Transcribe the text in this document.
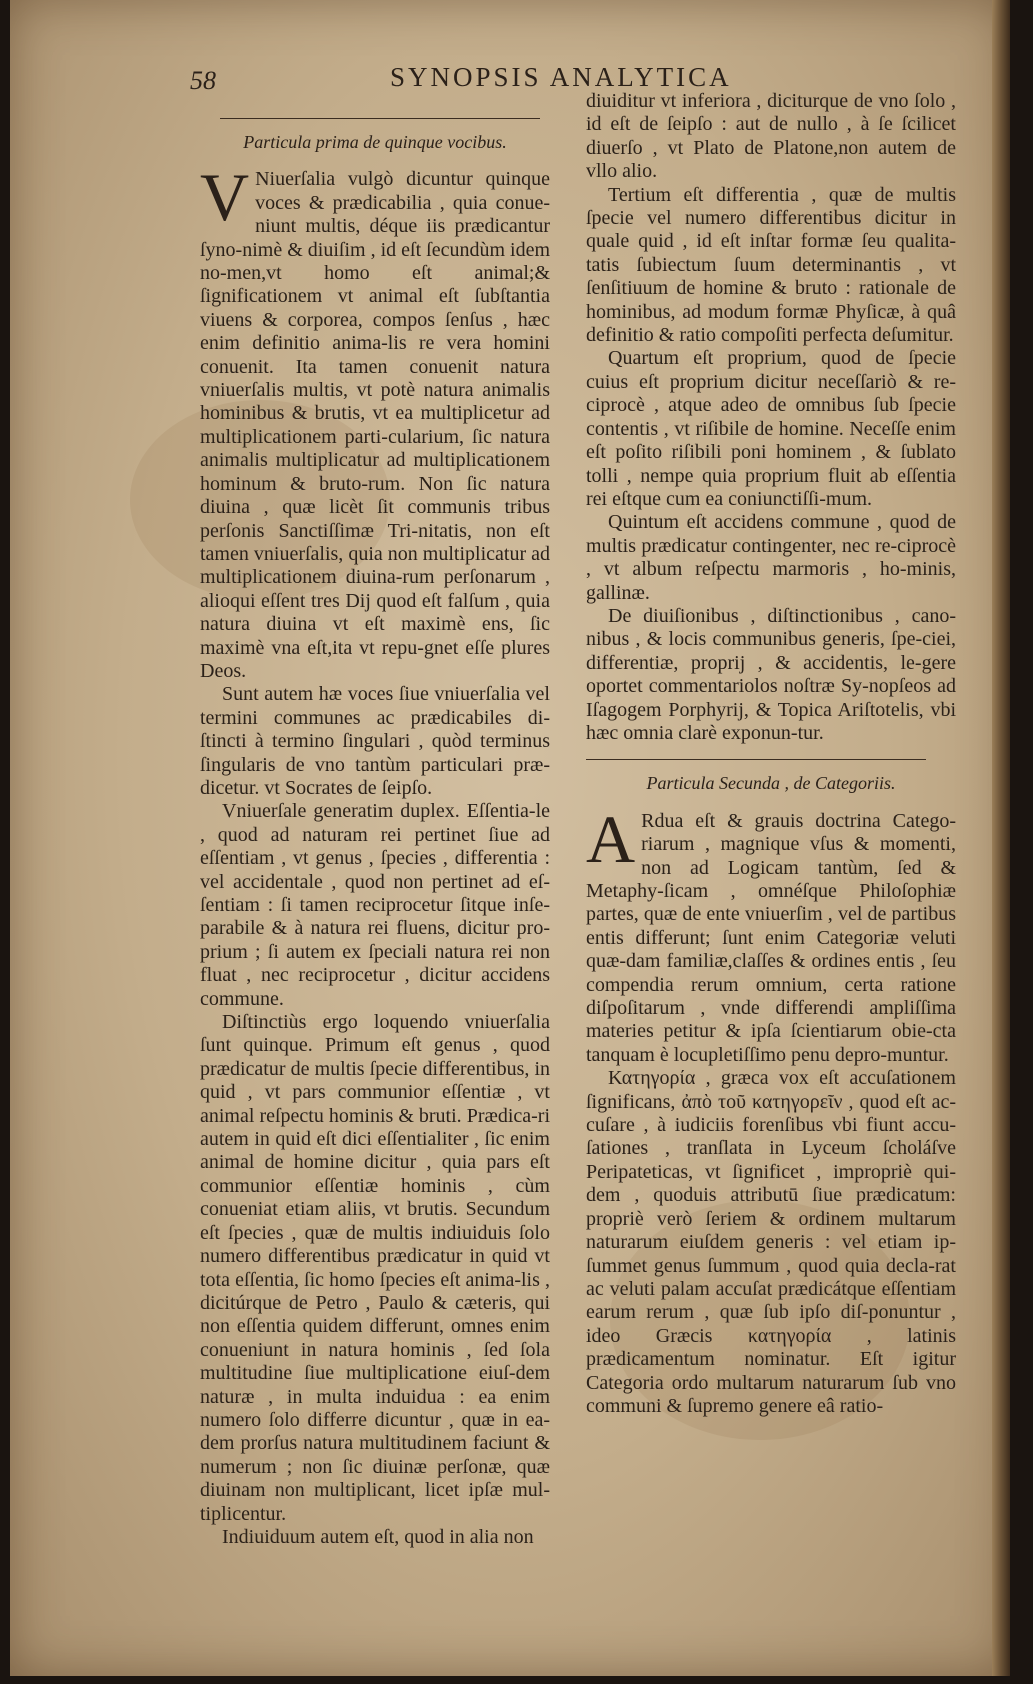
58	SYNOPSIS ANALYTICA
Particula prima de quinque vocibus.

V Niuerſalia vulgò dicuntur quinque voces & prædicabilia , quia conue-niunt multis, déque iis prædicantur ſyno-nimè & diuiſim , id eſt ſecundùm idem no-men,vt homo eſt animal;& ſignificationem vt animal eſt ſubſtantia viuens & corporea, compos ſenſus , hæc enim definitio anima-lis re vera homini conuenit. Ita tamen conuenit natura vniuerſalis multis, vt potè natura animalis hominibus & brutis, vt ea multiplicetur ad multiplicationem parti-cularium, ſic natura animalis multiplicatur ad multiplicationem hominum & bruto-rum. Non ſic natura diuina , quæ licèt ſit communis tribus perſonis Sanctiſſimæ Tri-nitatis, non eſt tamen vniuerſalis, quia non multiplicatur ad multiplicationem diuina-rum perſonarum , alioqui eſſent tres Dij quod eſt falſum , quia natura diuina vt eſt maximè ens, ſic maximè vna eſt,ita vt repu-gnet eſſe plures Deos.

Sunt autem hæ voces ſiue vniuerſalia vel termini communes ac prædicabiles di-ſtincti à termino ſingulari , quòd terminus ſingularis de vno tantùm particulari præ-dicetur. vt Socrates de ſeipſo.

Vniuerſale generatim duplex. Eſſentia-le , quod ad naturam rei pertinet ſiue ad eſſentiam , vt genus , ſpecies , differentia : vel accidentale , quod non pertinet ad eſ-ſentiam : ſi tamen reciprocetur ſitque inſe-parabile & à natura rei fluens, dicitur pro-prium ; ſi autem ex ſpeciali natura rei non fluat , nec reciprocetur , dicitur accidens commune.

Diſtinctiùs ergo loquendo vniuerſalia ſunt quinque. Primum eſt genus , quod prædicatur de multis ſpecie differentibus, in quid , vt pars communior eſſentiæ , vt animal reſpectu hominis & bruti. Prædica-ri autem in quid eſt dici eſſentialiter , ſic enim animal de homine dicitur , quia pars eſt communior eſſentiæ hominis , cùm conueniat etiam aliis, vt brutis. Secundum eſt ſpecies , quæ de multis indiuiduis ſolo numero differentibus prædicatur in quid vt tota eſſentia, ſic homo ſpecies eſt anima-lis , dicitúrque de Petro , Paulo & cæteris, qui non eſſentia quidem differunt, omnes enim conueniunt in natura hominis , ſed ſola multitudine ſiue multiplicatione eiuſ-dem naturæ , in multa induidua : ea enim numero ſolo differre dicuntur , quæ in ea-dem prorſus natura multitudinem faciunt & numerum ; non ſic diuinæ perſonæ, quæ diuinam non multiplicant, licet ipſæ mul-tiplicentur.

Indiuiduum autem eſt, quod in alia non

diuiditur vt inferiora , diciturque de vno ſolo , id eſt de ſeipſo : aut de nullo , à ſe ſcilicet diuerſo , vt Plato de Platone,non autem de vllo alio.

Tertium eſt differentia , quæ de multis ſpecie vel numero differentibus dicitur in quale quid , id eſt inſtar formæ ſeu qualita-tatis ſubiectum ſuum determinantis , vt ſenſitiuum de homine & bruto : rationale de hominibus, ad modum formæ Phyſicæ, à quâ definitio & ratio compoſiti perfecta deſumitur.

Quartum eſt proprium, quod de ſpecie cuius eſt proprium dicitur neceſſariò & re-ciprocè , atque adeo de omnibus ſub ſpecie contentis , vt riſibile de homine. Neceſſe enim eſt poſito riſibili poni hominem , & ſublato tolli , nempe quia proprium fluit ab eſſentia rei eſtque cum ea coniunctiſſi-mum.

Quintum eſt accidens commune , quod de multis prædicatur contingenter, nec re-ciprocè , vt album reſpectu marmoris , ho-minis, gallinæ.

De diuiſionibus , diſtinctionibus , cano-nibus , & locis communibus generis, ſpe-ciei, differentiæ, proprij , & accidentis, le-gere oportet commentariolos noſtræ Sy-nopſeos ad Iſagogem Porphyrij, & Topica Ariſtotelis, vbi hæc omnia clarè exponun-tur.

Particula Secunda , de Categoriis.

A Rdua eſt & grauis doctrina Catego-riarum , magnique vſus & momenti, non ad Logicam tantùm, ſed & Metaphy-ſicam , omnéſque Philoſophiæ partes, quæ de ente vniuerſim , vel de partibus entis differunt; ſunt enim Categoriæ veluti quæ-dam familiæ,claſſes & ordines entis , ſeu compendia rerum omnium, certa ratione diſpoſitarum , vnde differendi ampliſſima materies petitur & ipſa ſcientiarum obie-cta tanquam è locupletiſſimo penu deprо-muntur.

Κατηγορία , græca vox eſt accuſationem ſignificans, ἀπὸ τοῦ κατηγορεῖν , quod eſt ac-cuſare , à iudiciis forenſibus vbi fiunt accu-ſationes , tranſlata in Lyceum ſcholáſve Peripateticas, vt ſignificet , impropriè qui-dem , quoduis attributū ſiue prædicatum: propriè verò ſeriem & ordinem multarum naturarum eiuſdem generis : vel etiam ip-ſummet genus ſummum , quod quia decla-rat ac veluti palam accuſat prædicátque eſſentiam earum rerum , quæ ſub ipſo diſ-ponuntur , ideo Græcis κατηγορία , latinis prædicamentum nominatur. Eſt igitur Categoria ordo multarum naturarum ſub vno communi & ſupremo genere eâ ratio-
